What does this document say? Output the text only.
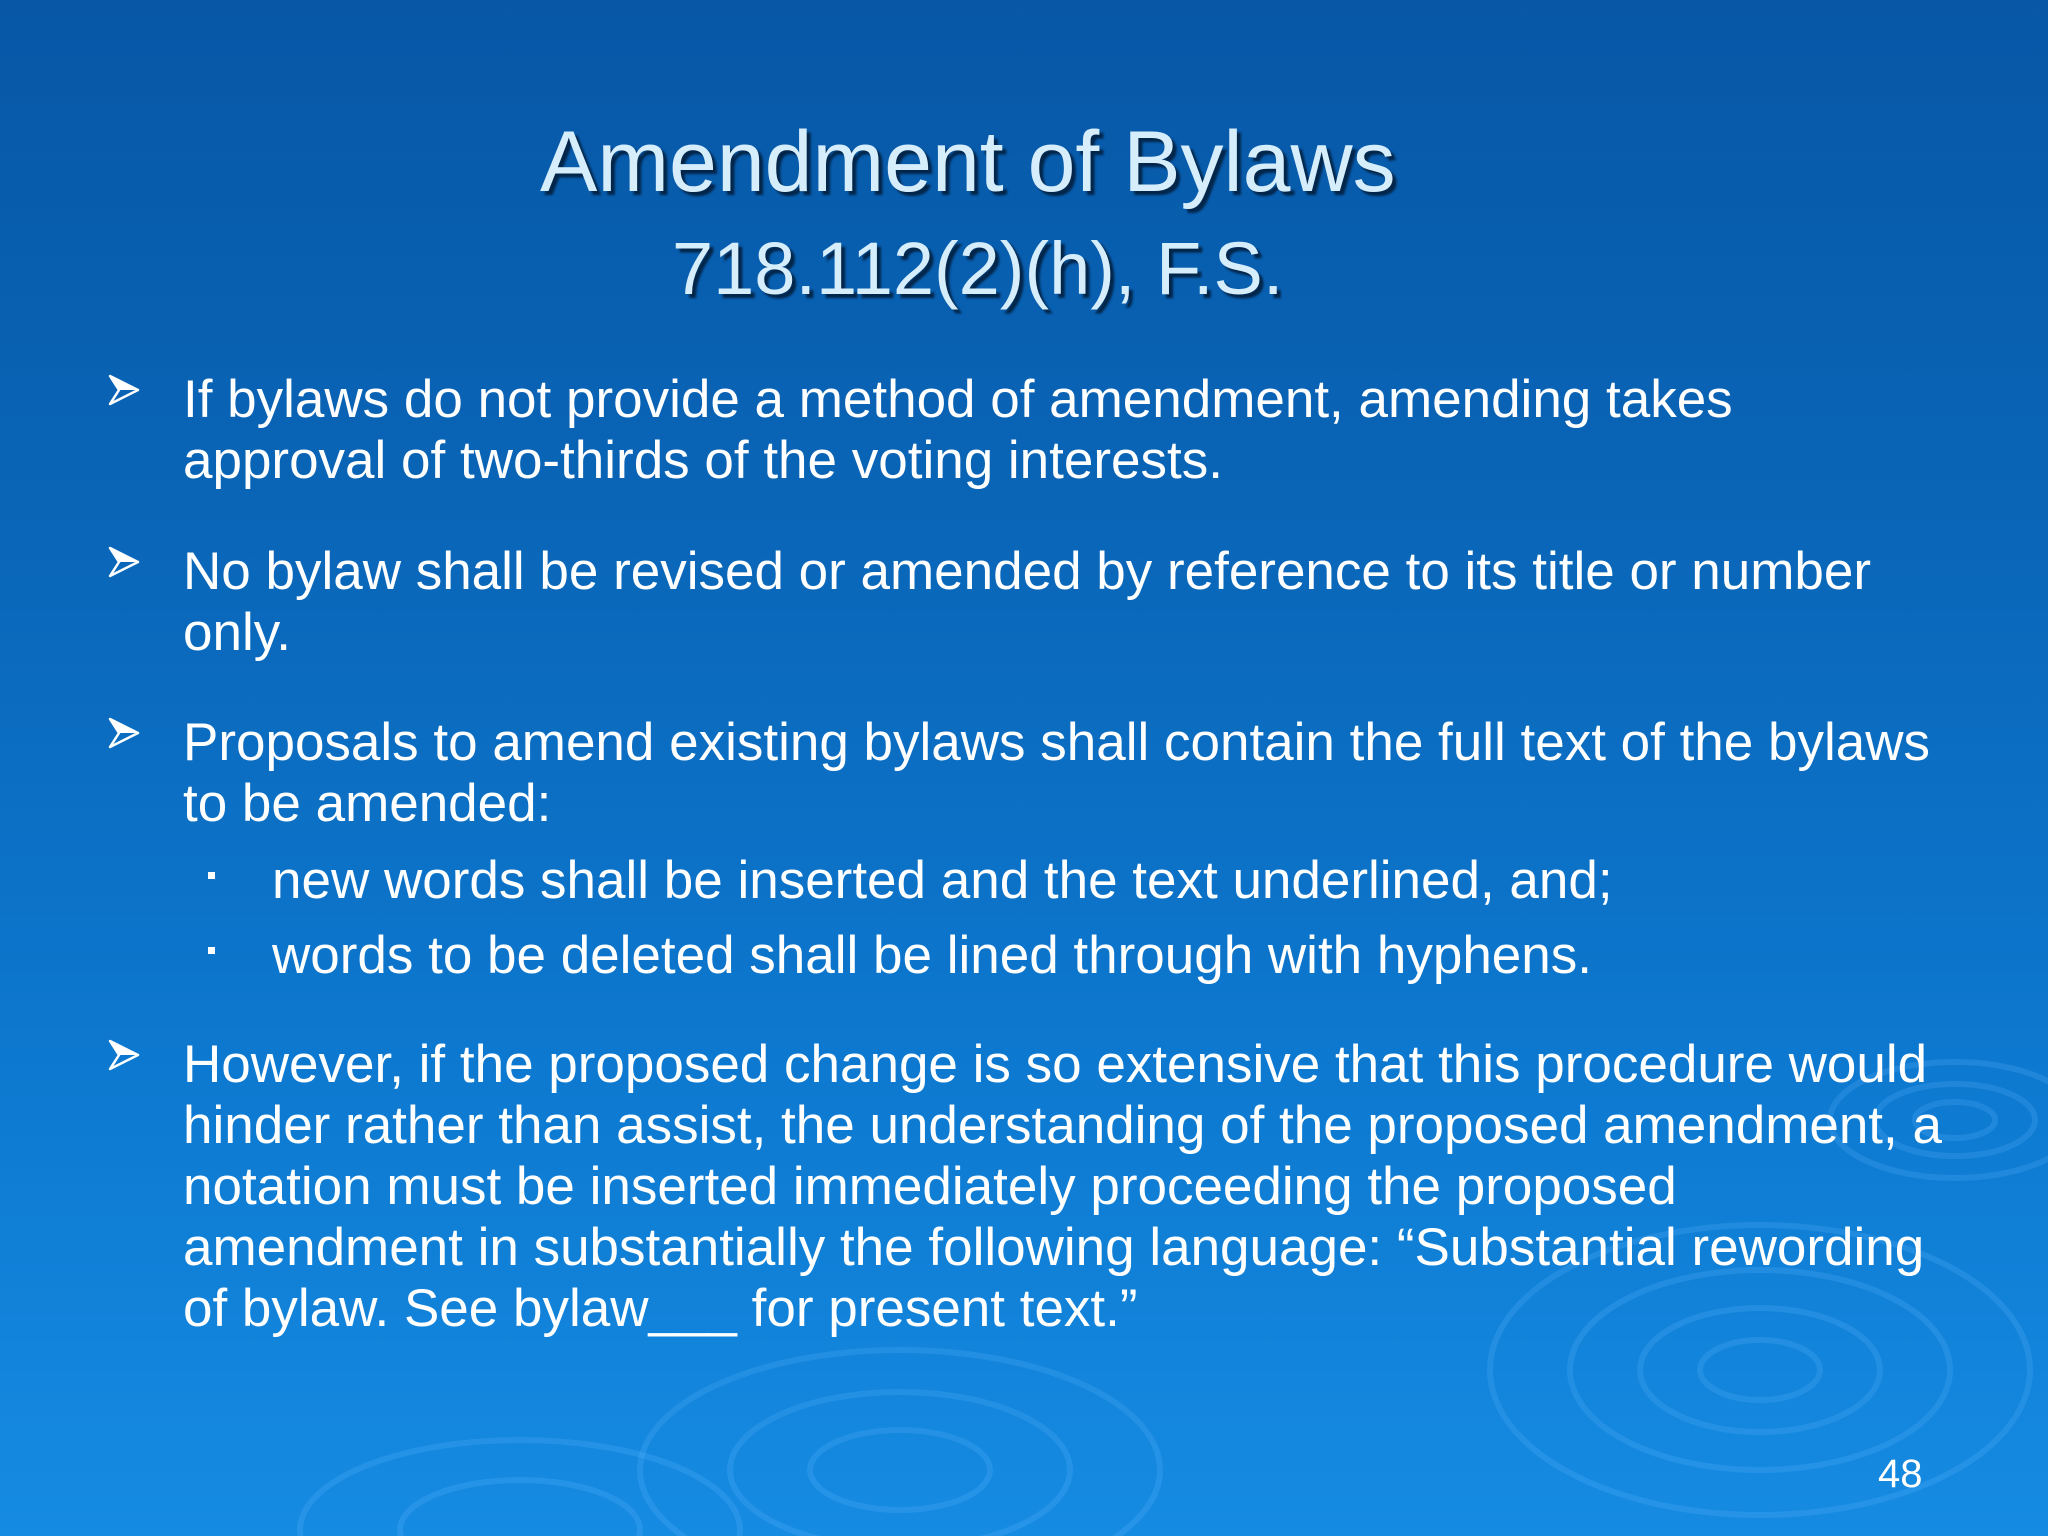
Amendment of Bylaws
718.112(2)(h), F.S.
If bylaws do not provide a method of amendment, amending takes approval of two-thirds of the voting interests.
No bylaw shall be revised or amended by reference to its title or number only.
Proposals to amend existing bylaws shall contain the full text of the bylaws to be amended:
new words shall be inserted and the text underlined, and;
words to be deleted shall be lined through with hyphens.
However, if the proposed change is so extensive that this procedure would hinder rather than assist, the understanding of the proposed amendment, a notation must be inserted immediately proceeding the proposed amendment in substantially the following language: “Substantial rewording of bylaw. See bylaw___ for present text.”
48
